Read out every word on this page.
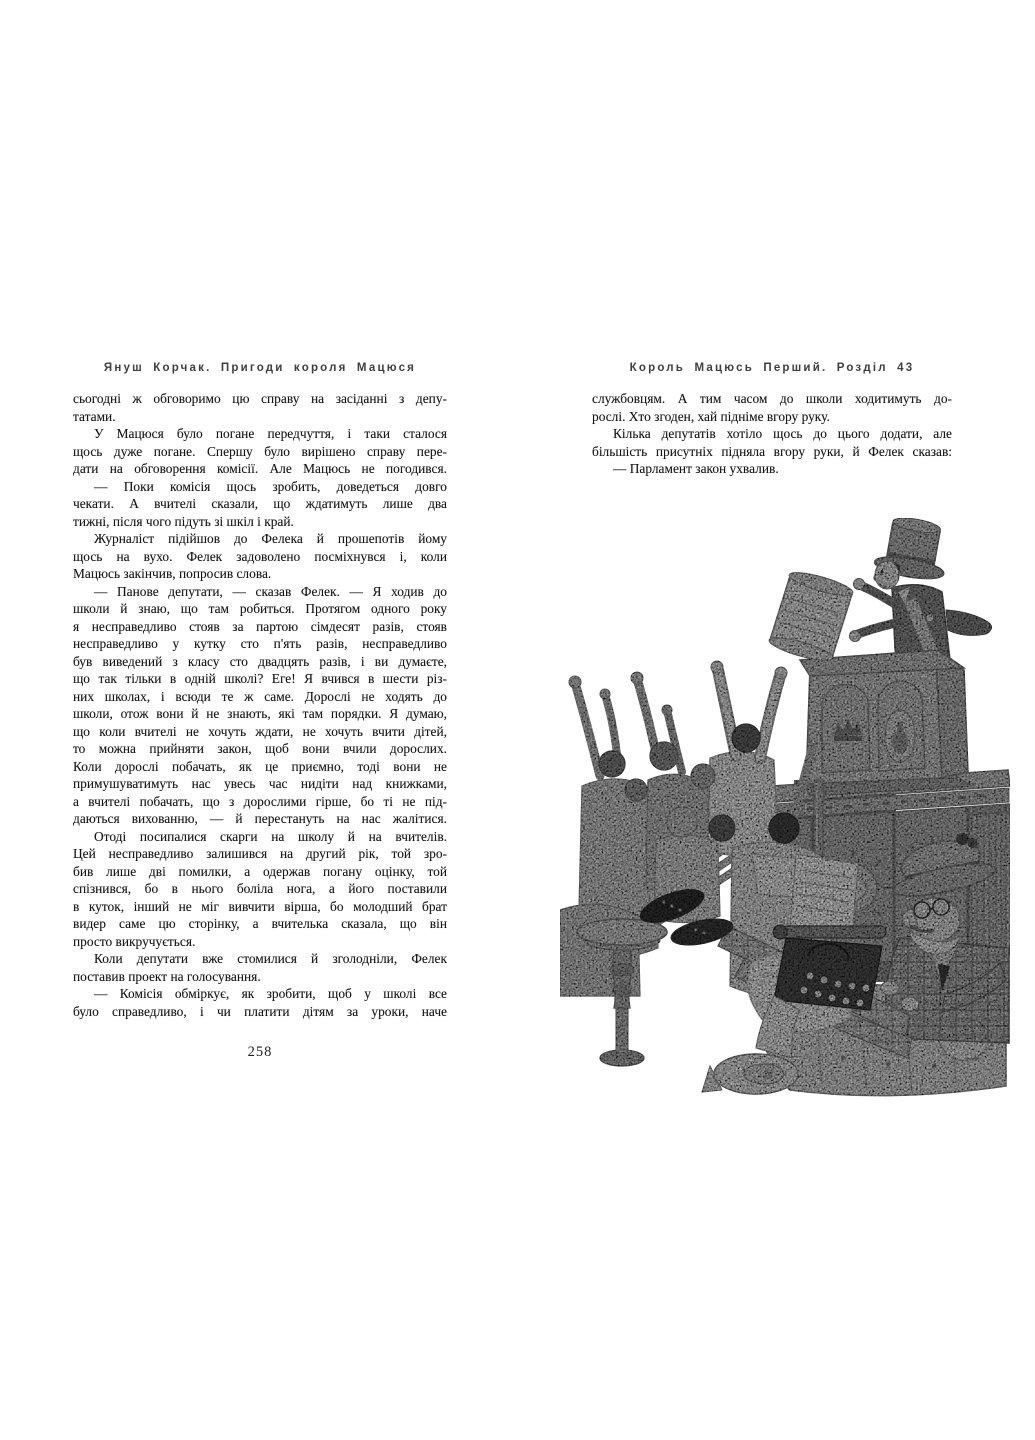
Януш Корчак. Пригоди короля Мацюся	Король Мацюсь Перший. Розділ 43
сьогодні ж обговоримо цю справу на засіданні з депу-
татами.
У Мацюся було погане передчуття, і таки сталося
щось дуже погане. Спершу було вирішено справу пере-
дати на обговорення комісії. Але Мацюсь не погодився.
— Поки комісія щось зробить, доведеться довго
чекати. А вчителі сказали, що ждатимуть лише два
тижні, після чого підуть зі шкіл і край.
Журналіст підійшов до Фелека й прошепотів йому
щось на вухо. Фелек задоволено посміхнувся і, коли
Мацюсь закінчив, попросив слова.
— Панове депутати, — сказав Фелек. — Я ходив до
школи й знаю, що там робиться. Протягом одного року
я несправедливо стояв за партою сімдесят разів, стояв
несправедливо у кутку сто п'ять разів, несправедливо
був виведений з класу сто двадцять разів, і ви думаєте,
що так тільки в одній школі? Еге! Я вчився в шести різ-
них школах, і всюди те ж саме. Дорослі не ходять до
школи, отож вони й не знають, які там порядки. Я думаю,
що коли вчителі не хочуть ждати, не хочуть вчити дітей,
то можна прийняти закон, щоб вони вчили дорослих.
Коли дорослі побачать, як це приємно, тоді вони не
примушуватимуть нас увесь час нидіти над книжками,
а вчителі побачать, що з дорослими гірше, бо ті не під-
даються вихованню, — й перестануть на нас жалітися.
Отоді посипалися скарги на школу й на вчителів.
Цей несправедливо залишився на другий рік, той зро-
бив лише дві помилки, а одержав погану оцінку, той
спізнився, бо в нього боліла нога, а його поставили
в куток, інший не міг вивчити вірша, бо молодший брат
видер саме цю сторінку, а вчителька сказала, що він
просто викручується.
Коли депутати вже стомилися й зголодніли, Фелек
поставив проект на голосування.
— Комісія обміркує, як зробити, щоб у школі все
було справедливо, і чи платити дітям за уроки, наче
службовцям. А тим часом до школи ходитимуть до-
рослі. Хто згоден, хай підніме вгору руку.
Кілька депутатів хотіло щось до цього додати, але
більшість присутніх підняла вгору руки, й Фелек сказав:
— Парламент закон ухвалив.
258
